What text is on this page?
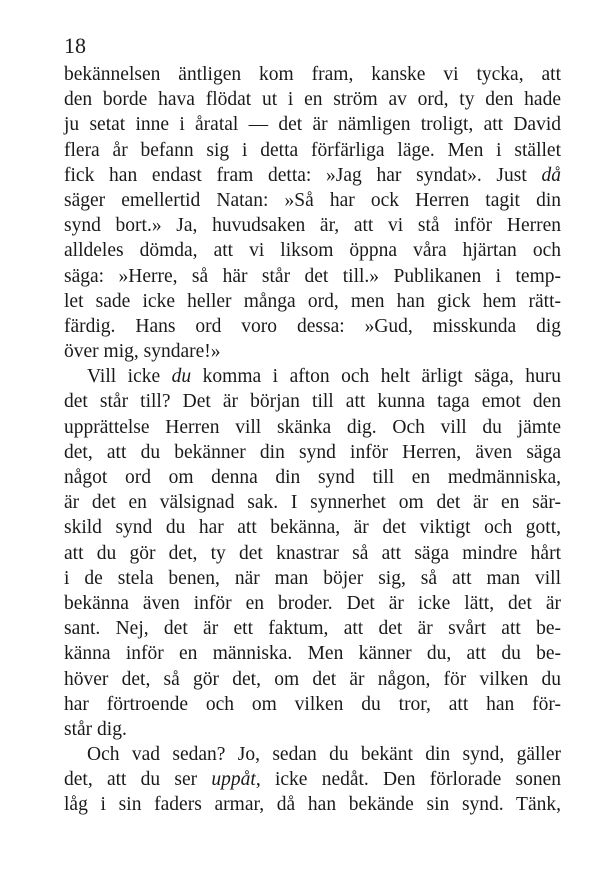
18
bekännelsen äntligen kom fram, kanske vi tycka, att
den borde hava flödat ut i en ström av ord, ty den hade
ju setat inne i åratal — det är nämligen troligt, att David
flera år befann sig i detta förfärliga läge. Men i stället
fick han endast fram detta: »Jag har syndat». Just då
säger emellertid Natan: »Så har ock Herren tagit din
synd bort.» Ja, huvudsaken är, att vi stå inför Herren
alldeles dömda, att vi liksom öppna våra hjärtan och
säga: »Herre, så här står det till.» Publikanen i temp-
let sade icke heller många ord, men han gick hem rätt-
färdig. Hans ord voro dessa: »Gud, misskunda dig
över mig, syndare!»
Vill icke du komma i afton och helt ärligt säga, huru
det står till? Det är början till att kunna taga emot den
upprättelse Herren vill skänka dig. Och vill du jämte
det, att du bekänner din synd inför Herren, även säga
något ord om denna din synd till en medmänniska,
är det en välsignad sak. I synnerhet om det är en sär-
skild synd du har att bekänna, är det viktigt och gott,
att du gör det, ty det knastrar så att säga mindre hårt
i de stela benen, när man böjer sig, så att man vill
bekänna även inför en broder. Det är icke lätt, det är
sant. Nej, det är ett faktum, att det är svårt att be-
känna inför en människa. Men känner du, att du be-
höver det, så gör det, om det är någon, för vilken du
har förtroende och om vilken du tror, att han för-
står dig.
Och vad sedan? Jo, sedan du bekänt din synd, gäller
det, att du ser uppåt, icke nedåt. Den förlorade sonen
låg i sin faders armar, då han bekände sin synd. Tänk,
